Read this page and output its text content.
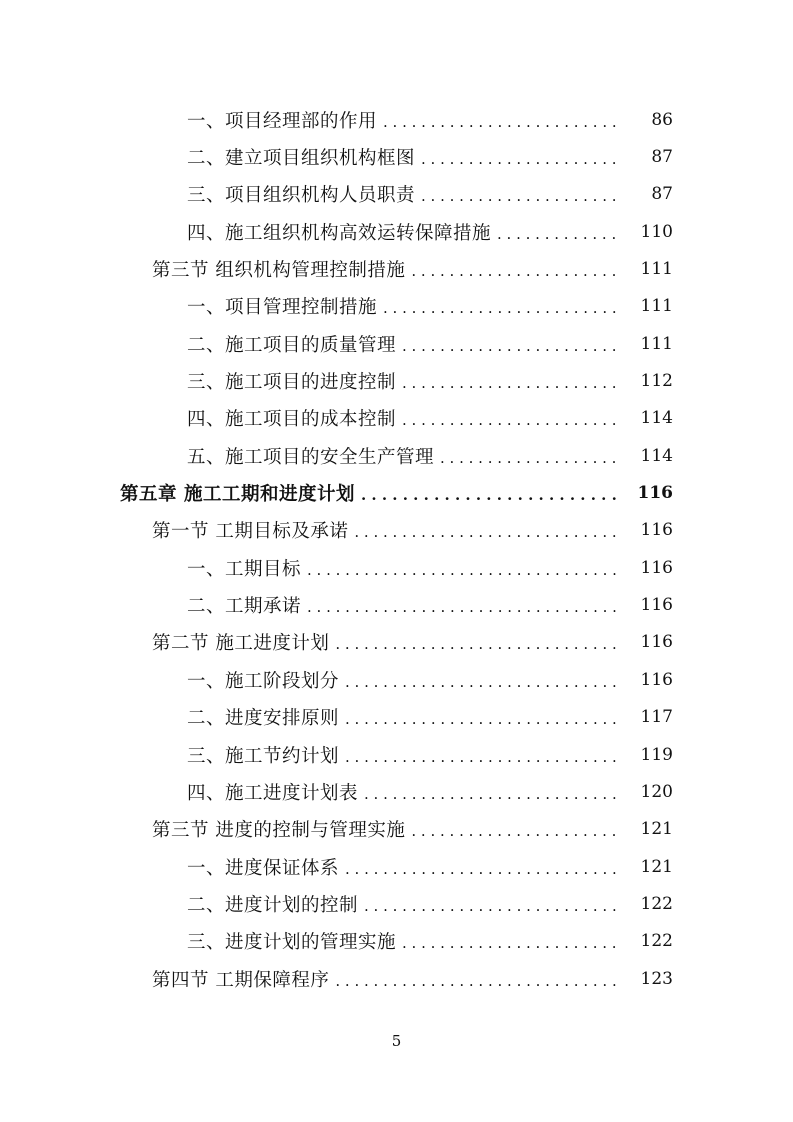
一、项目经理部的作用 . . .	86
二、建立项目组织机构框图 . . .	87
三、项目组织机构人员职责 . . .	87
四、施工组织机构高效运转保障措施 . . .	110
第三节 组织机构管理控制措施 . . .	111
一、项目管理控制措施 . . .	111
二、施工项目的质量管理 . . .	111
三、施工项目的进度控制 . . .	112
四、施工项目的成本控制 . . .	114
五、施工项目的安全生产管理 . . .	114
第五章 施工工期和进度计划 . . .	116
第一节 工期目标及承诺 . . .	116
一、工期目标 . . .	116
二、工期承诺 . . .	116
第二节 施工进度计划 . . .	116
一、施工阶段划分 . . .	116
二、进度安排原则 . . .	117
三、施工节约计划 . . .	119
四、施工进度计划表 . . .	120
第三节 进度的控制与管理实施 . . .	121
一、进度保证体系 . . .	121
二、进度计划的控制 . . .	122
三、进度计划的管理实施 . . .	122
第四节 工期保障程序 . . .	123
5
